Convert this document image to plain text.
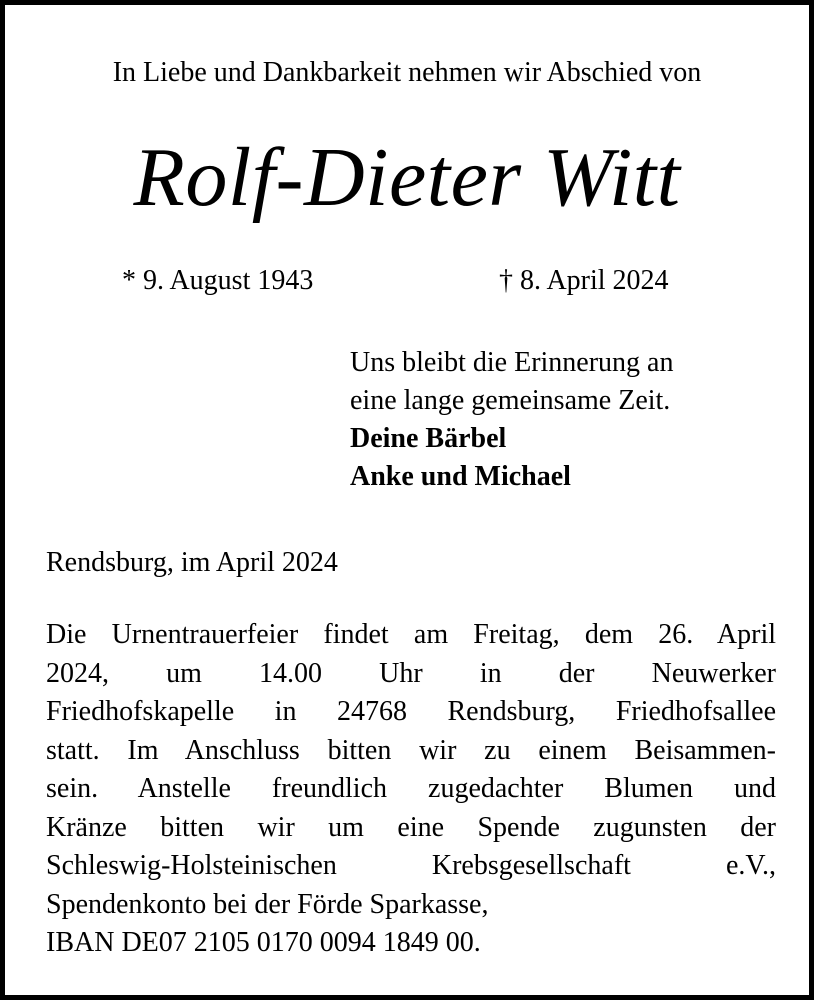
In Liebe und Dankbarkeit nehmen wir Abschied von
Rolf-Dieter Witt
* 9. August 1943	† 8. April 2024
Uns bleibt die Erinnerung an
eine lange gemeinsame Zeit.
Deine Bärbel
Anke und Michael
Rendsburg, im April 2024
Die Urnentrauerfeier findet am Freitag, dem 26. April
2024, um 14.00 Uhr in der Neuwerker
Friedhofskapelle in 24768 Rendsburg, Friedhofsallee
statt. Im Anschluss bitten wir zu einem Beisammen-
sein. Anstelle freundlich zugedachter Blumen und
Kränze bitten wir um eine Spende zugunsten der
Schleswig-Holsteinischen Krebsgesellschaft e.V.,
Spendenkonto bei der Förde Sparkasse,
IBAN DE07 2105 0170 0094 1849 00.
